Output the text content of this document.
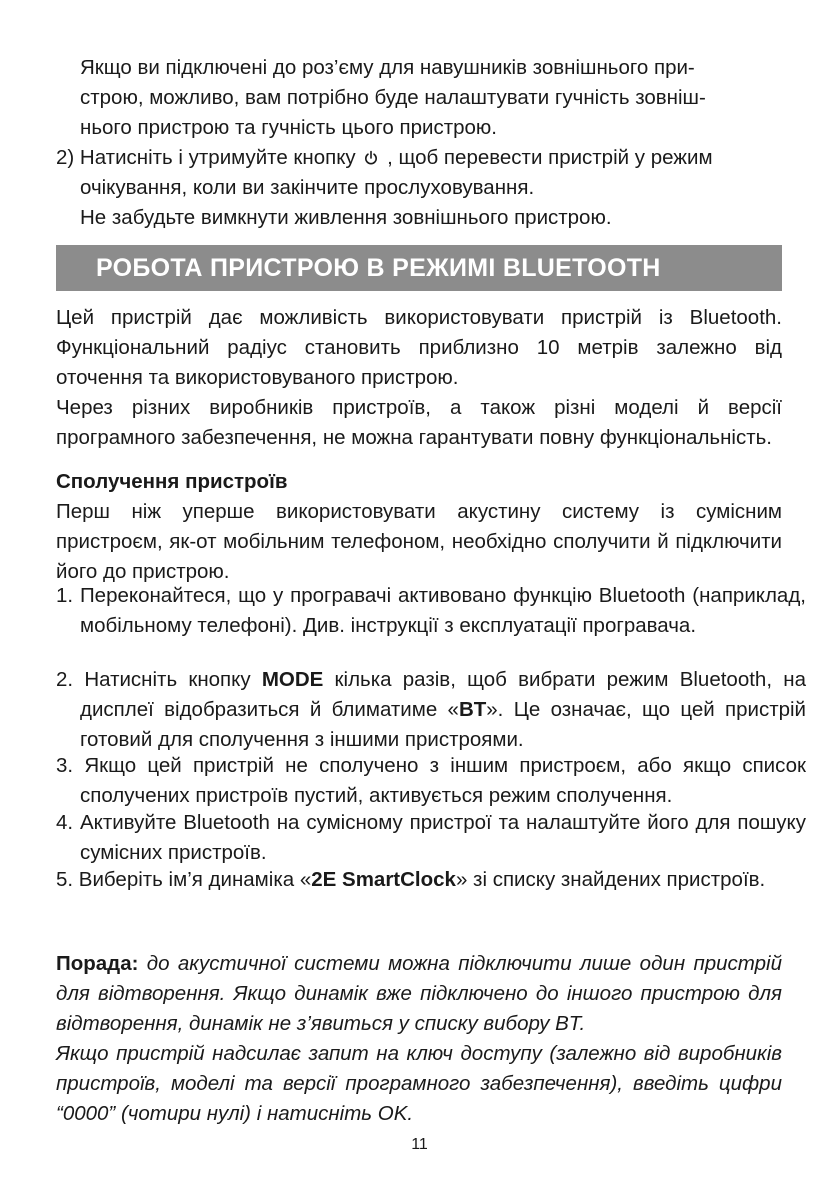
Якщо ви підключені до роз’єму для навушників зовнішнього при-
строю, можливо, вам потрібно буде налаштувати гучність зовніш-
нього пристрою та гучність цього пристрою.
2) Натисніть і утримуйте кнопку  , щоб перевести пристрій у режим
очікування, коли ви закінчите прослуховування.
Не забудьте вимкнути живлення зовнішнього пристрою.
РОБОТА ПРИСТРОЮ В РЕЖИМІ BLUETOOTH

Цей пристрій дає можливість використовувати пристрій із Bluetooth. Функціональний радіус становить приблизно 10 метрів залежно від оточення та використовуваного пристрою.

Через різних виробників пристроїв, а також різні моделі й версії програмного забезпечення, не можна гарантувати повну функціональність.

Сполучення пристроїв

Перш ніж уперше використовувати акустину систему із сумісним пристроєм, як-от мобільним телефоном, необхідно сполучити й підключити його до пристрою.

1. Переконайтеся, що у програвачі активовано функцію Bluetooth (наприклад, мобільному телефоні). Див. інструкції з експлуатації програвача.

2. Натисніть кнопку MODE кілька разів, щоб вибрати режим Bluetooth, на дисплеї відобразиться й блиматиме «BT». Це означає, що цей пристрій готовий для сполучення з іншими пристроями.

3. Якщо цей пристрій не сполучено з іншим пристроєм, або якщо список сполучених пристроїв пустий, активується режим сполучення.

4. Активуйте Bluetooth на сумісному пристрої та налаштуйте його для пошуку сумісних пристроїв.

5. Виберіть ім’я динаміка «2E SmartClock» зі списку знайдених пристроїв.

Порада: до акустичної системи можна підключити лише один пристрій для відтворення. Якщо динамік вже підключено до іншого пристрою для відтворення, динамік не з’явиться у списку вибору BT.

Якщо пристрій надсилає запит на ключ доступу (залежно від виробників пристроїв, моделі та версії програмного забезпечення), введіть цифри “0000” (чотири нулі) і натисніть OK.

11
